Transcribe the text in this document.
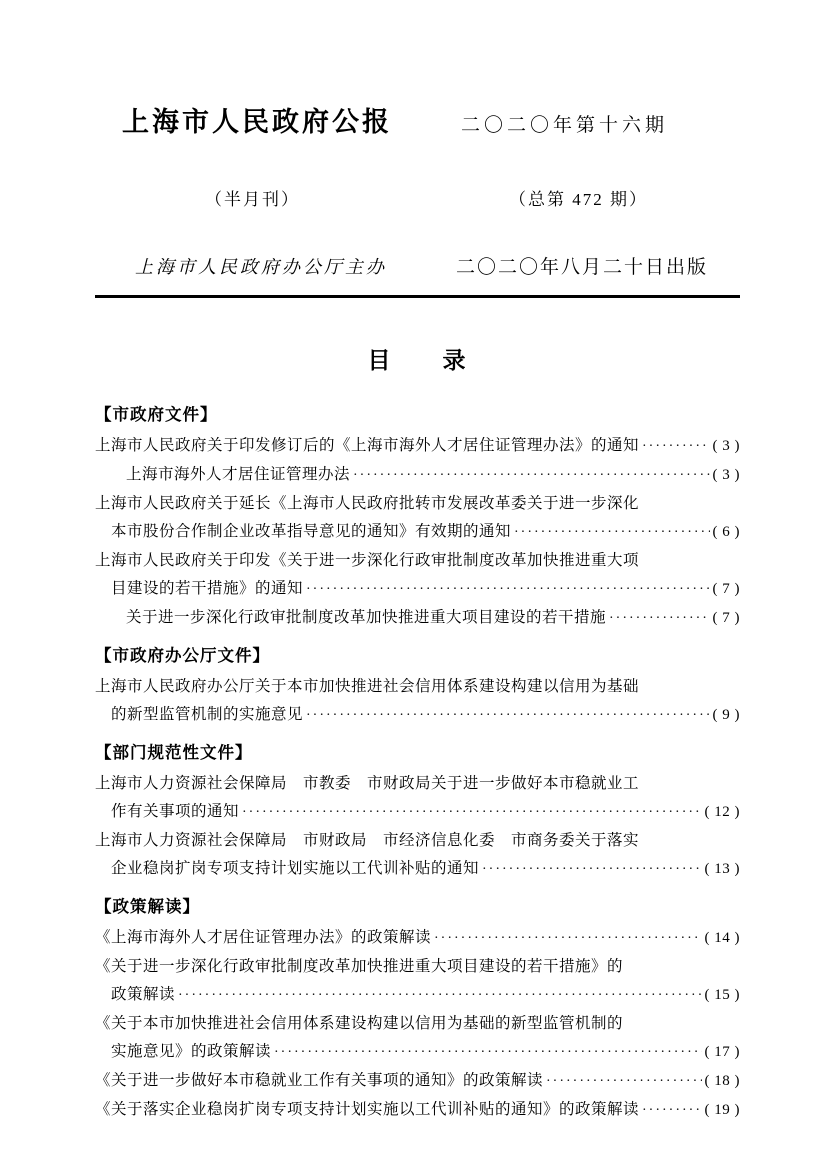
上海市人民政府公报	二〇二〇年第十六期
（半月刊）	（总第 472 期）
上海市人民政府办公厅主办	二〇二〇年八月二十日出版
目　　录
【市政府文件】
上海市人民政府关于印发修订后的《上海市海外人才居住证管理办法》的通知 ·····	( 3 )
上海市海外人才居住证管理办法 ·····	( 3 )
上海市人民政府关于延长《上海市人民政府批转市发展改革委关于进一步深化
本市股份合作制企业改革指导意见的通知》有效期的通知 ·····	( 6 )
上海市人民政府关于印发《关于进一步深化行政审批制度改革加快推进重大项
目建设的若干措施》的通知 ·····	( 7 )
关于进一步深化行政审批制度改革加快推进重大项目建设的若干措施 ·····	( 7 )
【市政府办公厅文件】
上海市人民政府办公厅关于本市加快推进社会信用体系建设构建以信用为基础
的新型监管机制的实施意见 ·····	( 9 )
【部门规范性文件】
上海市人力资源社会保障局　市教委　市财政局关于进一步做好本市稳就业工
作有关事项的通知 ·····	( 12 )
上海市人力资源社会保障局　市财政局　市经济信息化委　市商务委关于落实
企业稳岗扩岗专项支持计划实施以工代训补贴的通知 ·····	( 13 )
【政策解读】
《上海市海外人才居住证管理办法》的政策解读 ·····	( 14 )
《关于进一步深化行政审批制度改革加快推进重大项目建设的若干措施》的
政策解读 ·····	( 15 )
《关于本市加快推进社会信用体系建设构建以信用为基础的新型监管机制的
实施意见》的政策解读 ·····	( 17 )
《关于进一步做好本市稳就业工作有关事项的通知》的政策解读 ·····	( 18 )
《关于落实企业稳岗扩岗专项支持计划实施以工代训补贴的通知》的政策解读 ·····	( 19 )
